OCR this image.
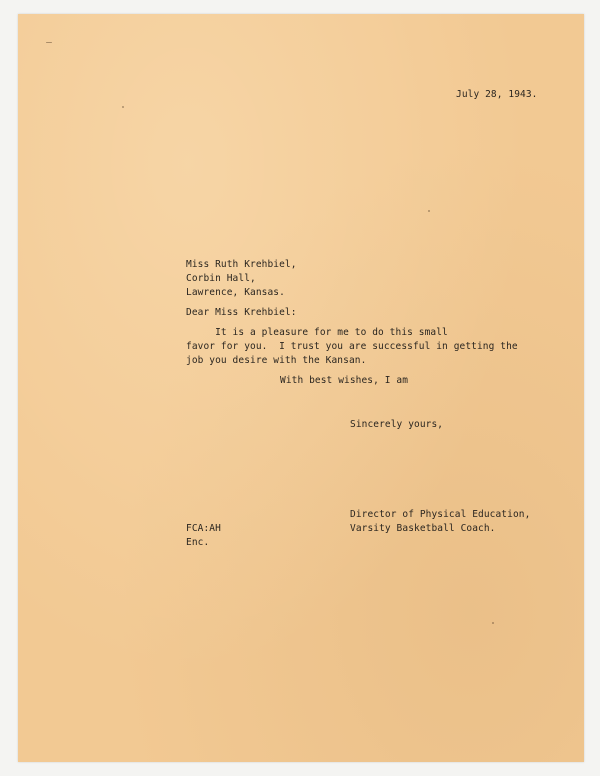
July 28, 1943.
Miss Ruth Krehbiel,
Corbin Hall,
Lawrence, Kansas.
Dear Miss Krehbiel:
It is a pleasure for me to do this small
favor for you.  I trust you are successful in getting the
job you desire with the Kansan.
With best wishes, I am
Sincerely yours,
Director of Physical Education,
Varsity Basketball Coach.
FCA:AH
Enc.
